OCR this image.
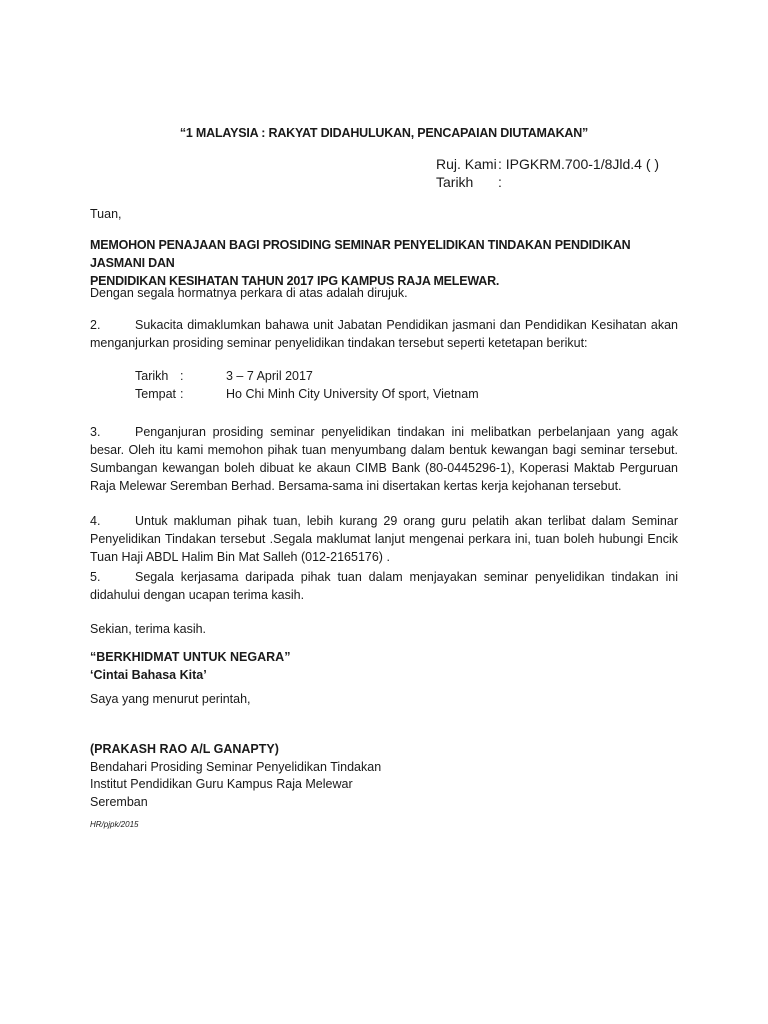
“1 MALAYSIA : RAKYAT DIDAHULUKAN, PENCAPAIAN DIUTAMAKAN”
Ruj. Kami : IPGKRM.700-1/8Jld.4 ( )
Tarikh	:
Tuan,
MEMOHON PENAJAAN BAGI PROSIDING SEMINAR PENYELIDIKAN TINDAKAN PENDIDIKAN JASMANI DAN
PENDIDIKAN KESIHATAN TAHUN 2017 IPG KAMPUS RAJA MELEWAR.
Dengan segala hormatnya perkara di atas adalah dirujuk.
2.	Sukacita dimaklumkan bahawa unit Jabatan Pendidikan jasmani dan Pendidikan Kesihatan akan menganjurkan prosiding seminar penyelidikan tindakan tersebut seperti ketetapan berikut:
Tarikh :	3 – 7 April 2017
Tempat :	Ho Chi Minh City University Of sport, Vietnam
3.	Penganjuran prosiding seminar penyelidikan tindakan ini melibatkan perbelanjaan yang agak besar. Oleh itu kami memohon pihak tuan menyumbang dalam bentuk kewangan bagi seminar tersebut. Sumbangan kewangan boleh dibuat ke akaun CIMB Bank (80-0445296-1), Koperasi Maktab Perguruan Raja Melewar Seremban Berhad. Bersama-sama ini disertakan kertas kerja kejohanan tersebut.
4.	Untuk makluman pihak tuan, lebih kurang 29 orang guru pelatih akan terlibat dalam Seminar Penyelidikan Tindakan tersebut .Segala maklumat lanjut mengenai perkara ini, tuan boleh hubungi Encik Tuan Haji ABDL Halim Bin Mat Salleh (012-2165176) .
5.	Segala kerjasama daripada pihak tuan dalam menjayakan seminar penyelidikan tindakan ini didahului dengan ucapan terima kasih.
Sekian, terima kasih.
“BERKHIDMAT UNTUK NEGARA”
‘Cintai Bahasa Kita’
Saya yang menurut perintah,
(PRAKASH RAO A/L GANAPTY)
Bendahari Prosiding Seminar Penyelidikan Tindakan
Institut Pendidikan Guru Kampus Raja Melewar
Seremban
HR/pjpk/2015
